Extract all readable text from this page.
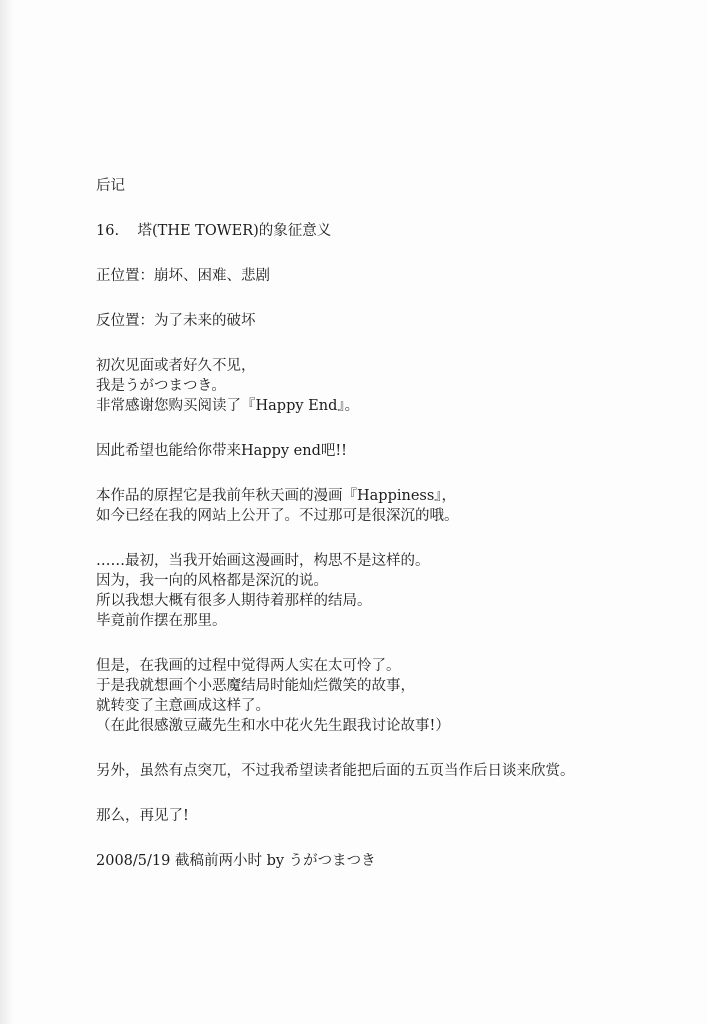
后记
16. 塔(THE TOWER)的象征意义
正位置：崩坏、困难、悲剧
反位置：为了未来的破坏
初次见面或者好久不见，
我是うがつまつき。
非常感谢您购买阅读了『Happy End』。
因此希望也能给你带来Happy end吧!!
本作品的原捏它是我前年秋天画的漫画『Happiness』，
如今已经在我的网站上公开了。不过那可是很深沉的哦。
……最初，当我开始画这漫画时，构思不是这样的。
因为，我一向的风格都是深沉的说。
所以我想大概有很多人期待着那样的结局。
毕竟前作摆在那里。
但是，在我画的过程中觉得两人实在太可怜了。
于是我就想画个小恶魔结局时能灿烂微笑的故事，
就转变了主意画成这样了。
（在此很感激豆蔵先生和水中花火先生跟我讨论故事!）
另外，虽然有点突兀，不过我希望读者能把后面的五页当作后日谈来欣赏。
那么，再见了!
2008/5/19 截稿前两小时 by うがつまつき
